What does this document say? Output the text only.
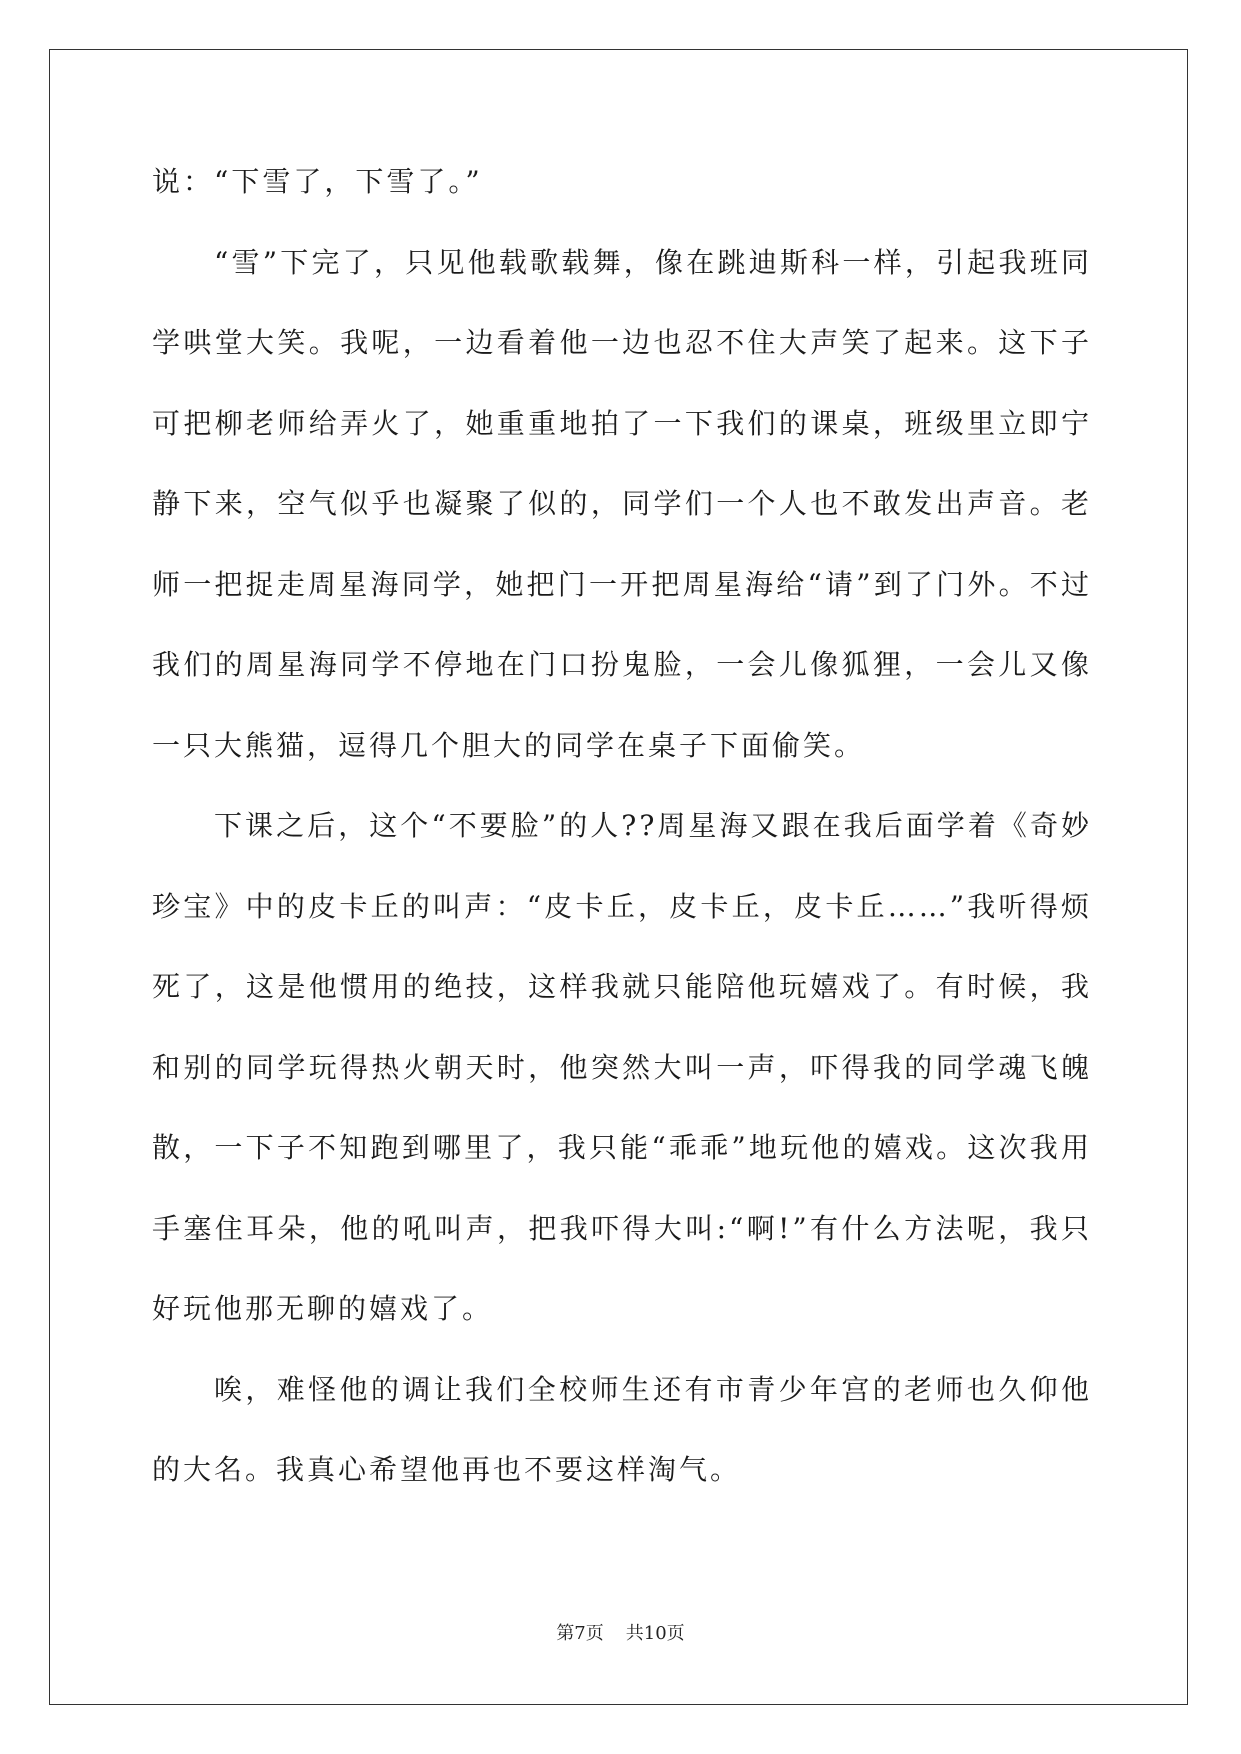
说：“下雪了，下雪了。”

“雪”下完了，只见他载歌载舞，像在跳迪斯科一样，引起我班同学哄堂大笑。我呢，一边看着他一边也忍不住大声笑了起来。这下子可把柳老师给弄火了，她重重地拍了一下我们的课桌，班级里立即宁静下来，空气似乎也凝聚了似的，同学们一个人也不敢发出声音。老师一把捉走周星海同学，她把门一开把周星海给“请”到了门外。不过我们的周星海同学不停地在门口扮鬼脸，一会儿像狐狸，一会儿又像一只大熊猫，逗得几个胆大的同学在桌子下面偷笑。

下课之后，这个“不要脸”的人??周星海又跟在我后面学着《奇妙珍宝》中的皮卡丘的叫声：“皮卡丘，皮卡丘，皮卡丘……”我听得烦死了，这是他惯用的绝技，这样我就只能陪他玩嬉戏了。有时候，我和别的同学玩得热火朝天时，他突然大叫一声，吓得我的同学魂飞魄散，一下子不知跑到哪里了，我只能“乖乖”地玩他的嬉戏。这次我用手塞住耳朵，他的吼叫声，把我吓得大叫:“啊!”有什么方法呢，我只好玩他那无聊的嬉戏了。

唉，难怪他的调让我们全校师生还有市青少年宫的老师也久仰他的大名。我真心希望他再也不要这样淘气。

第7页 共10页
